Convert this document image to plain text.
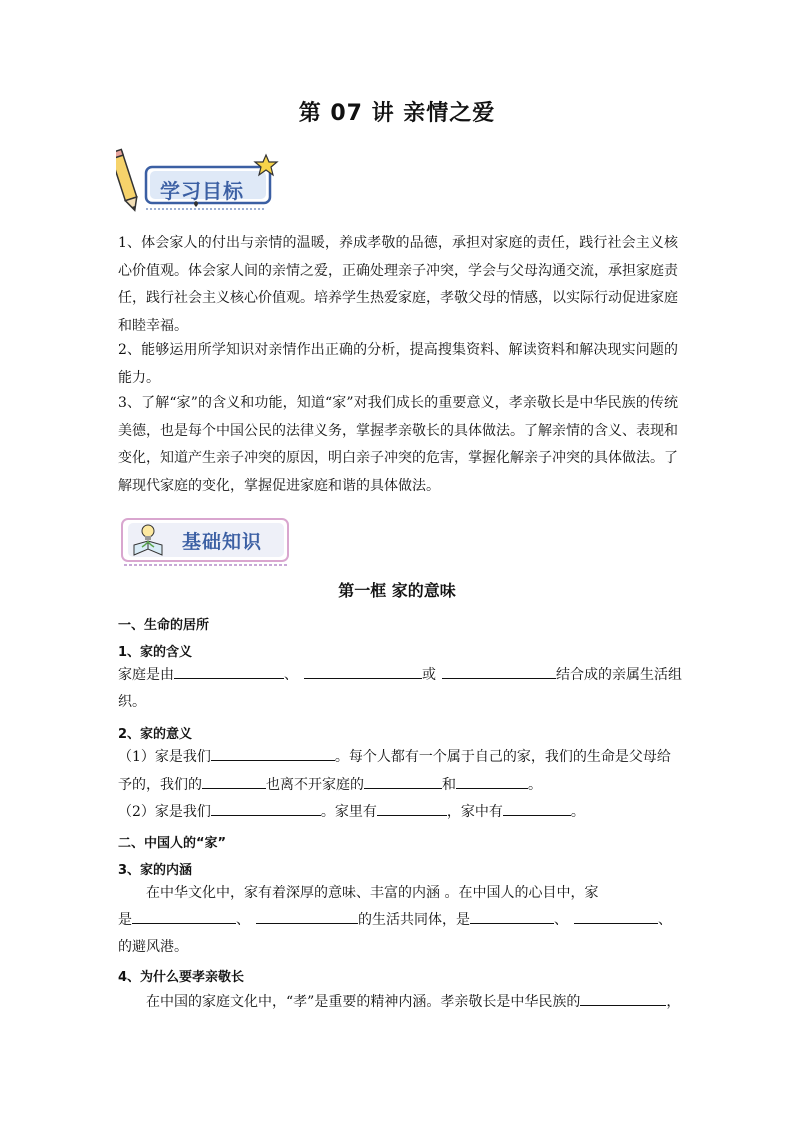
第 07 讲 亲情之爱
学习目标
1、体会家人的付出与亲情的温暖，养成孝敬的品德，承担对家庭的责任，践行社会主义核心价值观。体会家人间的亲情之爱，正确处理亲子冲突，学会与父母沟通交流，承担家庭责任，践行社会主义核心价值观。培养学生热爱家庭，孝敬父母的情感，以实际行动促进家庭和睦幸福。
2、能够运用所学知识对亲情作出正确的分析，提高搜集资料、解读资料和解决现实问题的能力。
3、了解“家”的含义和功能，知道“家”对我们成长的重要意义，孝亲敬长是中华民族的传统美德，也是每个中国公民的法律义务，掌握孝亲敬长的具体做法。了解亲情的含义、表现和变化，知道产生亲子冲突的原因，明白亲子冲突的危害，掌握化解亲子冲突的具体做法。了解现代家庭的变化，掌握促进家庭和谐的具体做法。
基础知识
第一框 家的意味
一、生命的居所
1、家的含义
家庭是由	、	或	结合成的亲属生活组
织。
2、家的意义
（1）家是我们	。每个人都有一个属于自己的家，我们的生命是父母给
予的，我们的	也离不开家庭的	和	。
（2）家是我们	。家里有	，家中有	。
二、中国人的“家”
3、家的内涵
在中华文化中，家有着深厚的意味、丰富的内涵 。在中国人的心目中，家
是	、	的生活共同体，是	、	、
的避风港。
4、为什么要孝亲敬长
在中国的家庭文化中，“孝”是重要的精神内涵。孝亲敬长是中华民族的	，
